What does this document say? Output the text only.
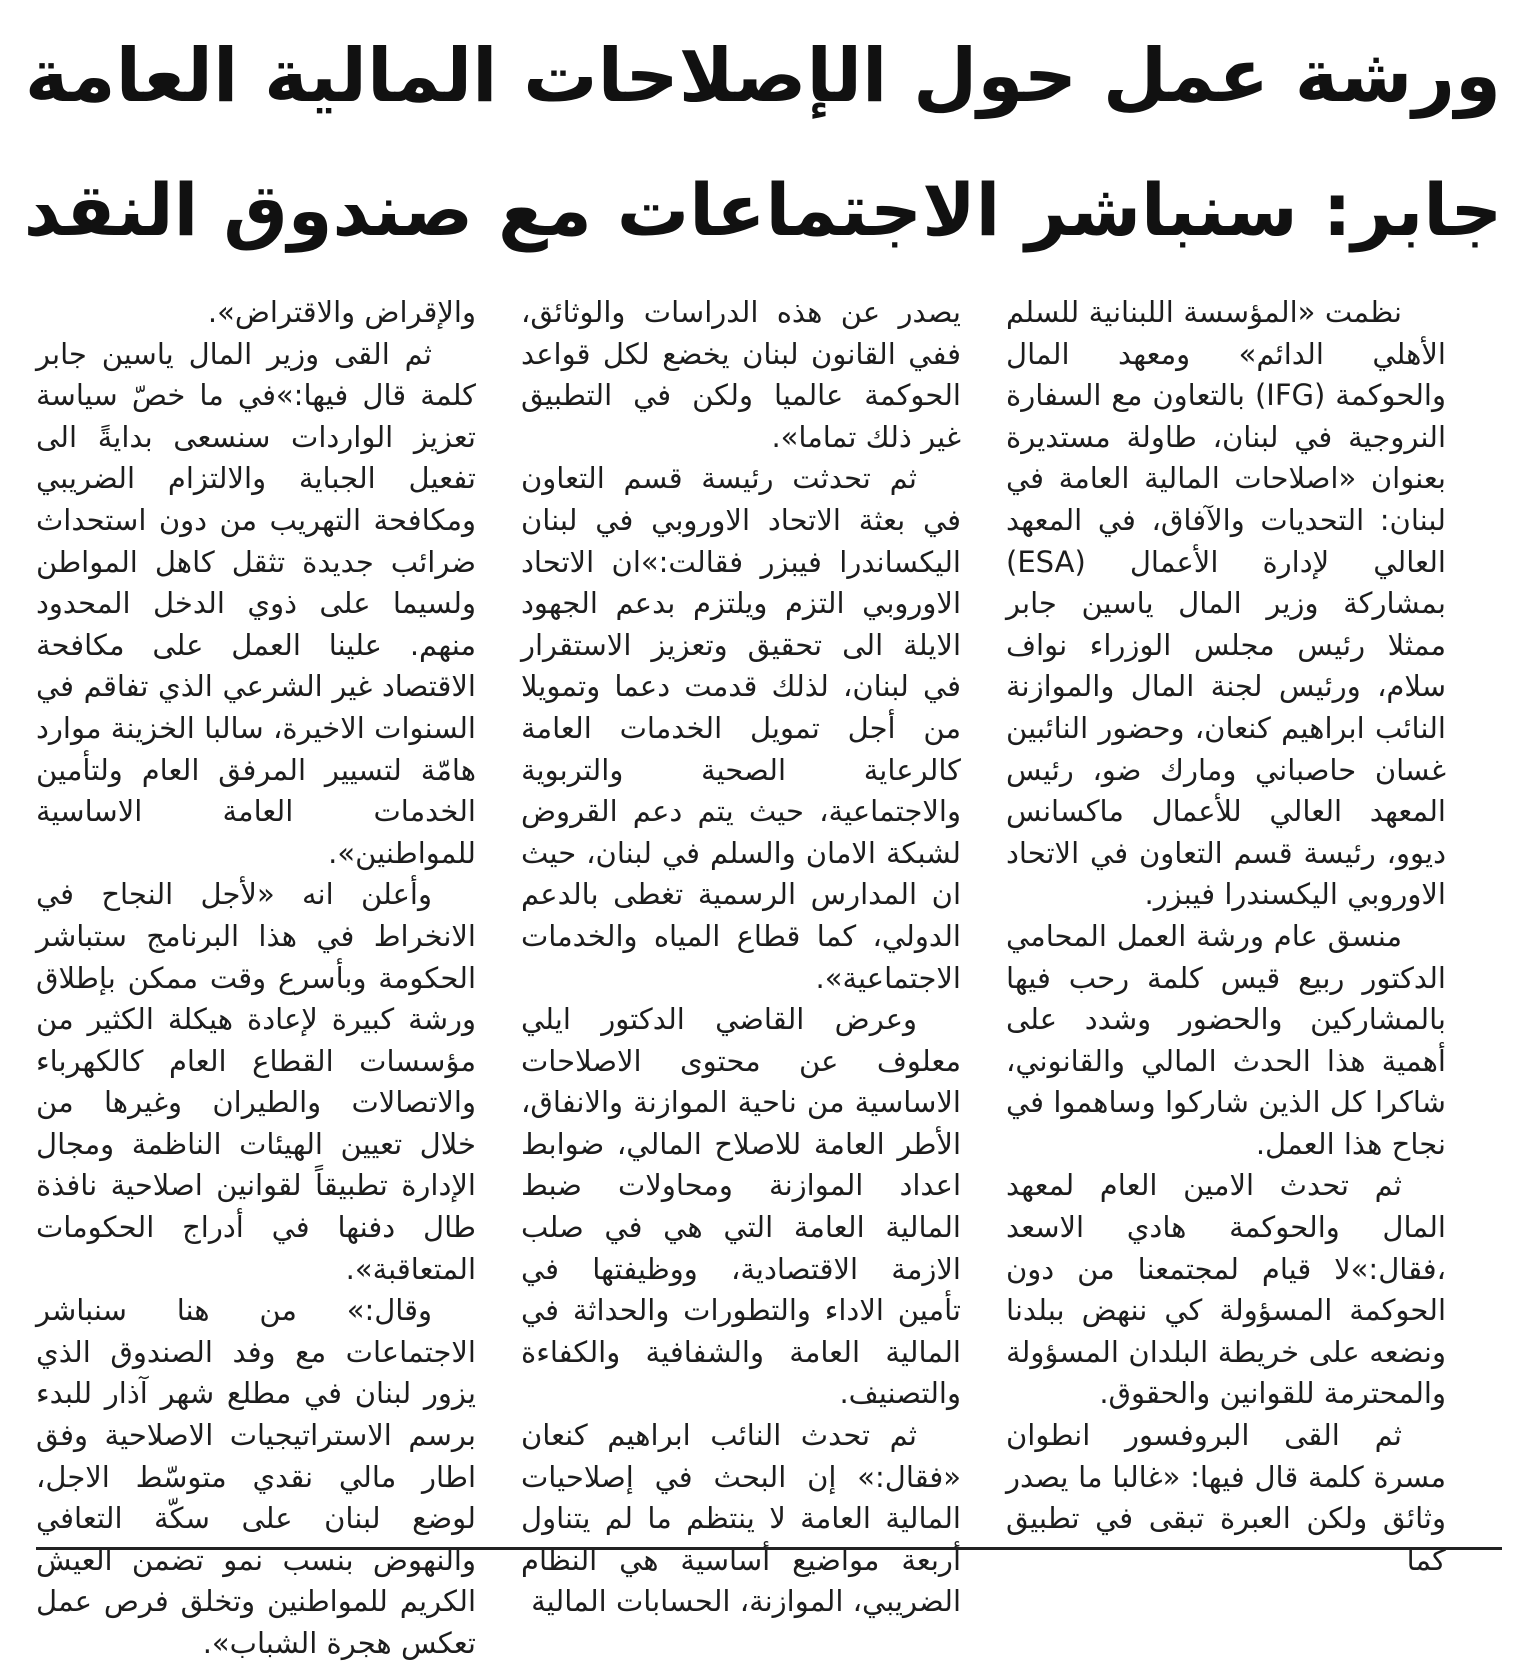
ورشة عمل حول الإصلاحات المالية العامة
جابر: سنباشر الاجتماعات مع صندوق النقد

نظمت «المؤسسة اللبنانية للسلم الأهلي الدائم» ومعهد المال والحوكمة (IFG) بالتعاون مع السفارة النروجية في لبنان، طاولة مستديرة بعنوان «اصلاحات المالية العامة في لبنان: التحديات والآفاق، في المعهد العالي لإدارة الأعمال (ESA) بمشاركة وزير المال ياسين جابر ممثلا رئيس مجلس الوزراء نواف سلام، ورئيس لجنة المال والموازنة النائب ابراهيم كنعان، وحضور النائبين غسان حاصباني ومارك ضو، رئيس المعهد العالي للأعمال ماكسانس ديوو، رئيسة قسم التعاون في الاتحاد الاوروبي اليكسندرا فيبزر.

منسق عام ورشة العمل المحامي الدكتور ربيع قيس كلمة رحب فيها بالمشاركين والحضور وشدد على أهمية هذا الحدث المالي والقانوني، شاكرا كل الذين شاركوا وساهموا في نجاح هذا العمل.

ثم تحدث الامين العام لمعهد المال والحوكمة هادي الاسعد ،فقال:»لا قيام لمجتمعنا من دون الحوكمة المسؤولة كي ننهض ببلدنا ونضعه على خريطة البلدان المسؤولة والمحترمة للقوانين والحقوق.

ثم القى البروفسور انطوان مسرة كلمة قال فيها: «غالبا ما يصدر وثائق ولكن العبرة تبقى في تطبيق كما

يصدر عن هذه الدراسات والوثائق، ففي القانون لبنان يخضع لكل قواعد الحوكمة عالميا ولكن في التطبيق غير ذلك تماما».

ثم تحدثت رئيسة قسم التعاون في بعثة الاتحاد الاوروبي في لبنان اليكساندرا فيبزر فقالت:»ان الاتحاد الاوروبي التزم ويلتزم بدعم الجهود الايلة الى تحقيق وتعزيز الاستقرار في لبنان، لذلك قدمت دعما وتمويلا من أجل تمويل الخدمات العامة كالرعاية الصحية والتربوية والاجتماعية، حيث يتم دعم القروض لشبكة الامان والسلم في لبنان، حيث ان المدارس الرسمية تغطى بالدعم الدولي، كما قطاع المياه والخدمات الاجتماعية».

وعرض القاضي الدكتور ايلي معلوف عن محتوى الاصلاحات الاساسية من ناحية الموازنة والانفاق، الأطر العامة للاصلاح المالي، ضوابط اعداد الموازنة ومحاولات ضبط المالية العامة التي هي في صلب الازمة الاقتصادية، ووظيفتها في تأمين الاداء والتطورات والحداثة في المالية العامة والشفافية والكفاءة والتصنيف.

ثم تحدث النائب ابراهيم كنعان «فقال:» إن البحث في إصلاحيات المالية العامة لا ينتظم ما لم يتناول أربعة مواضيع أساسية هي النظام الضريبي، الموازنة، الحسابات المالية

والإقراض والاقتراض».

ثم القى وزير المال ياسين جابر كلمة قال فيها:»في ما خصّ سياسة تعزيز الواردات سنسعى بدايةً الى تفعيل الجباية والالتزام الضريبي ومكافحة التهريب من دون استحداث ضرائب جديدة تثقل كاهل المواطن ولسيما على ذوي الدخل المحدود منهم. علينا العمل على مكافحة الاقتصاد غير الشرعي الذي تفاقم في السنوات الاخيرة، سالبا الخزينة موارد هامّة لتسيير المرفق العام ولتأمين الخدمات العامة الاساسية للمواطنين».

وأعلن انه «لأجل النجاح في الانخراط في هذا البرنامج ستباشر الحكومة وبأسرع وقت ممكن بإطلاق ورشة كبيرة لإعادة هيكلة الكثير من مؤسسات القطاع العام كالكهرباء والاتصالات والطيران وغيرها من خلال تعيين الهيئات الناظمة ومجال الإدارة تطبيقاً لقوانين اصلاحية نافذة طال دفنها في أدراج الحكومات المتعاقبة».

وقال:» من هنا سنباشر الاجتماعات مع وفد الصندوق الذي يزور لبنان في مطلع شهر آذار للبدء برسم الاستراتيجيات الاصلاحية وفق اطار مالي نقدي متوسّط الاجل، لوضع لبنان على سكّة التعافي والنهوض بنسب نمو تضمن العيش الكريم للمواطنين وتخلق فرص عمل تعكس هجرة الشباب».
